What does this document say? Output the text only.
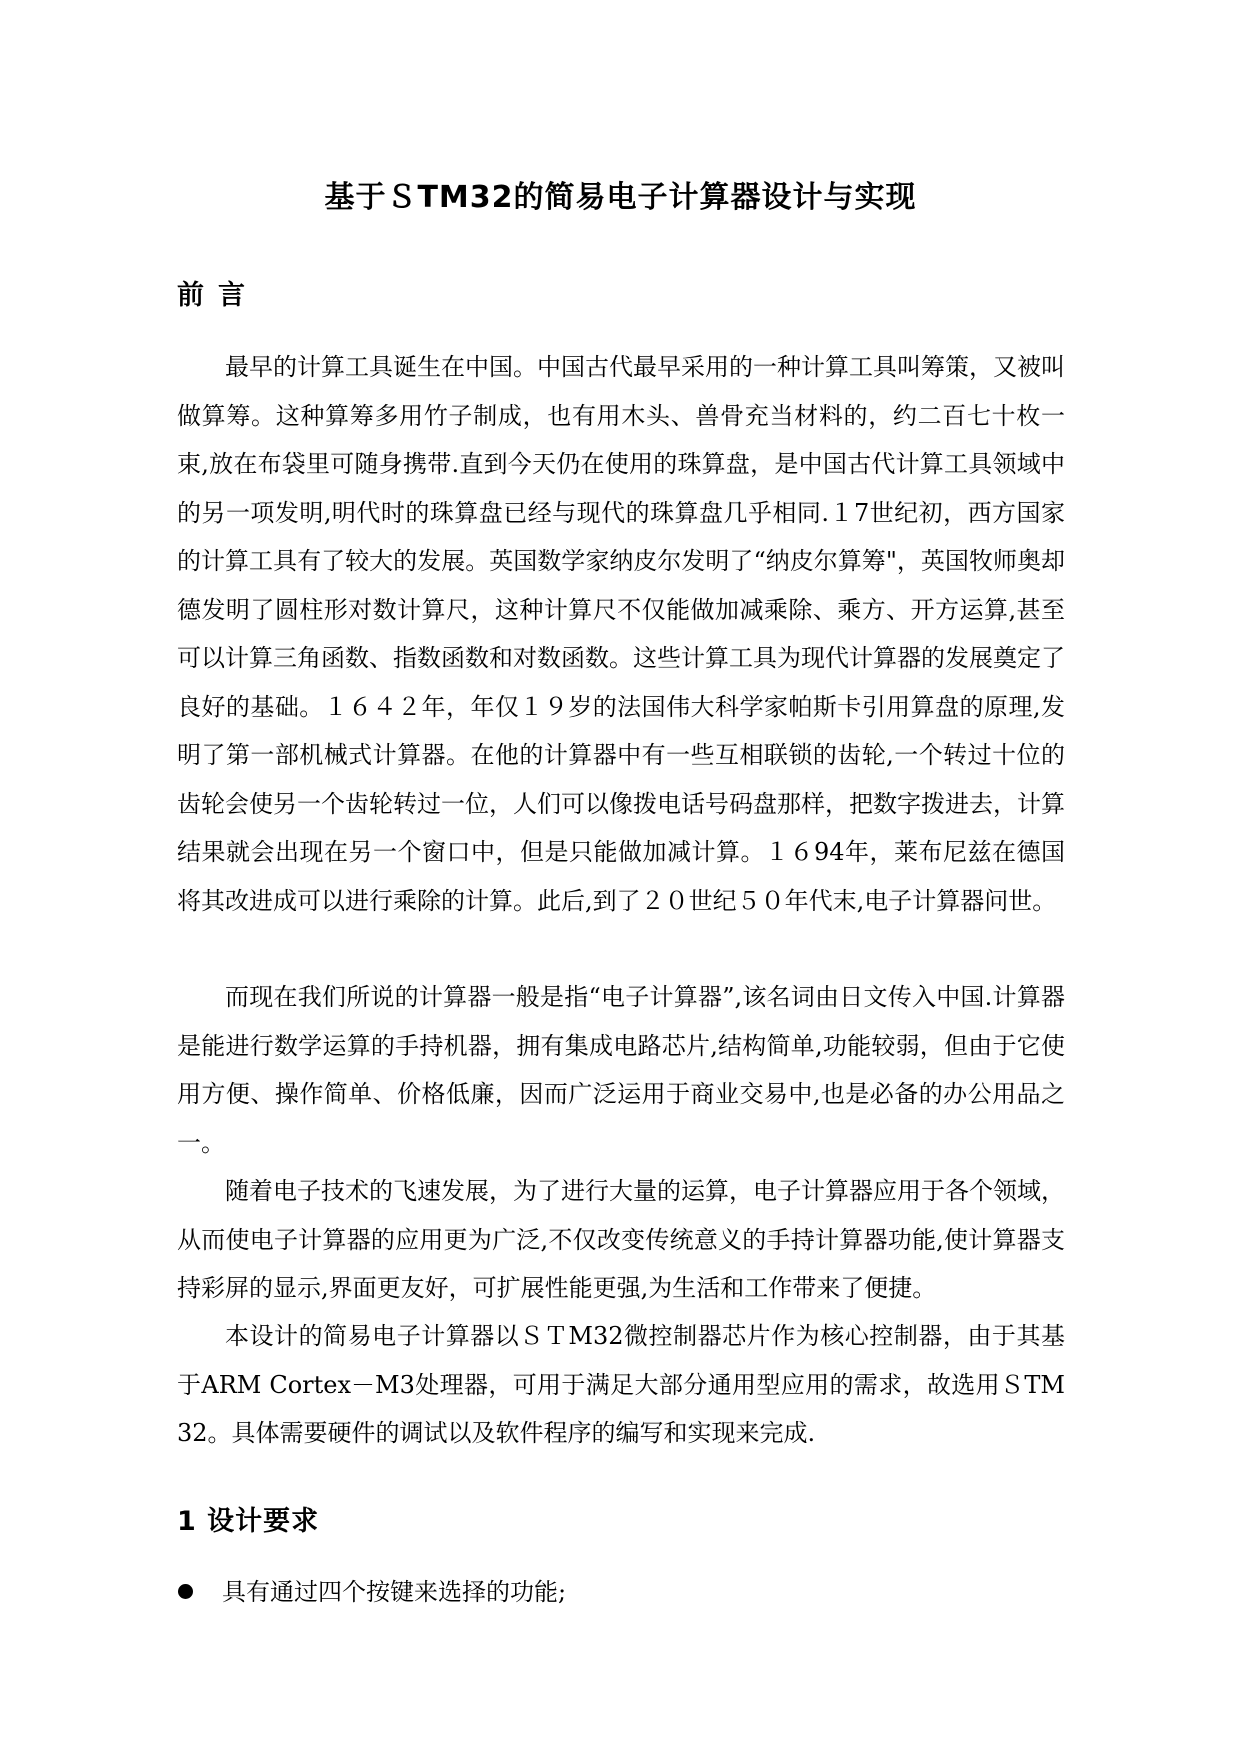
基于ＳTM32的简易电子计算器设计与实现
前言

最早的计算工具诞生在中国。中国古代最早采用的一种计算工具叫筹策，又被叫做算筹。这种算筹多用竹子制成，也有用木头、兽骨充当材料的，约二百七十枚一束,放在布袋里可随身携带.直到今天仍在使用的珠算盘，是中国古代计算工具领域中的另一项发明,明代时的珠算盘已经与现代的珠算盘几乎相同.１7世纪初，西方国家的计算工具有了较大的发展。英国数学家纳皮尔发明了“纳皮尔算筹"，英国牧师奥却德发明了圆柱形对数计算尺，这种计算尺不仅能做加减乘除、乘方、开方运算,甚至可以计算三角函数、指数函数和对数函数。这些计算工具为现代计算器的发展奠定了良好的基础。１６４２年，年仅１９岁的法国伟大科学家帕斯卡引用算盘的原理,发明了第一部机械式计算器。在他的计算器中有一些互相联锁的齿轮,一个转过十位的齿轮会使另一个齿轮转过一位，人们可以像拨电话号码盘那样，把数字拨进去，计算结果就会出现在另一个窗口中，但是只能做加减计算。１６94年，莱布尼兹在德国将其改进成可以进行乘除的计算。此后,到了２０世纪５０年代末,电子计算器问世。

而现在我们所说的计算器一般是指“电子计算器”,该名词由日文传入中国.计算器是能进行数学运算的手持机器，拥有集成电路芯片,结构简单,功能较弱，但由于它使用方便、操作简单、价格低廉，因而广泛运用于商业交易中,也是必备的办公用品之一。

随着电子技术的飞速发展，为了进行大量的运算，电子计算器应用于各个领域，从而使电子计算器的应用更为广泛,不仅改变传统意义的手持计算器功能,使计算器支持彩屏的显示,界面更友好，可扩展性能更强,为生活和工作带来了便捷。

本设计的简易电子计算器以ＳＴM32微控制器芯片作为核心控制器，由于其基于ARM Cortex－M3处理器，可用于满足大部分通用型应用的需求，故选用ＳTM32。具体需要硬件的调试以及软件程序的编写和实现来完成.

1 设计要求
具有通过四个按键来选择的功能;
